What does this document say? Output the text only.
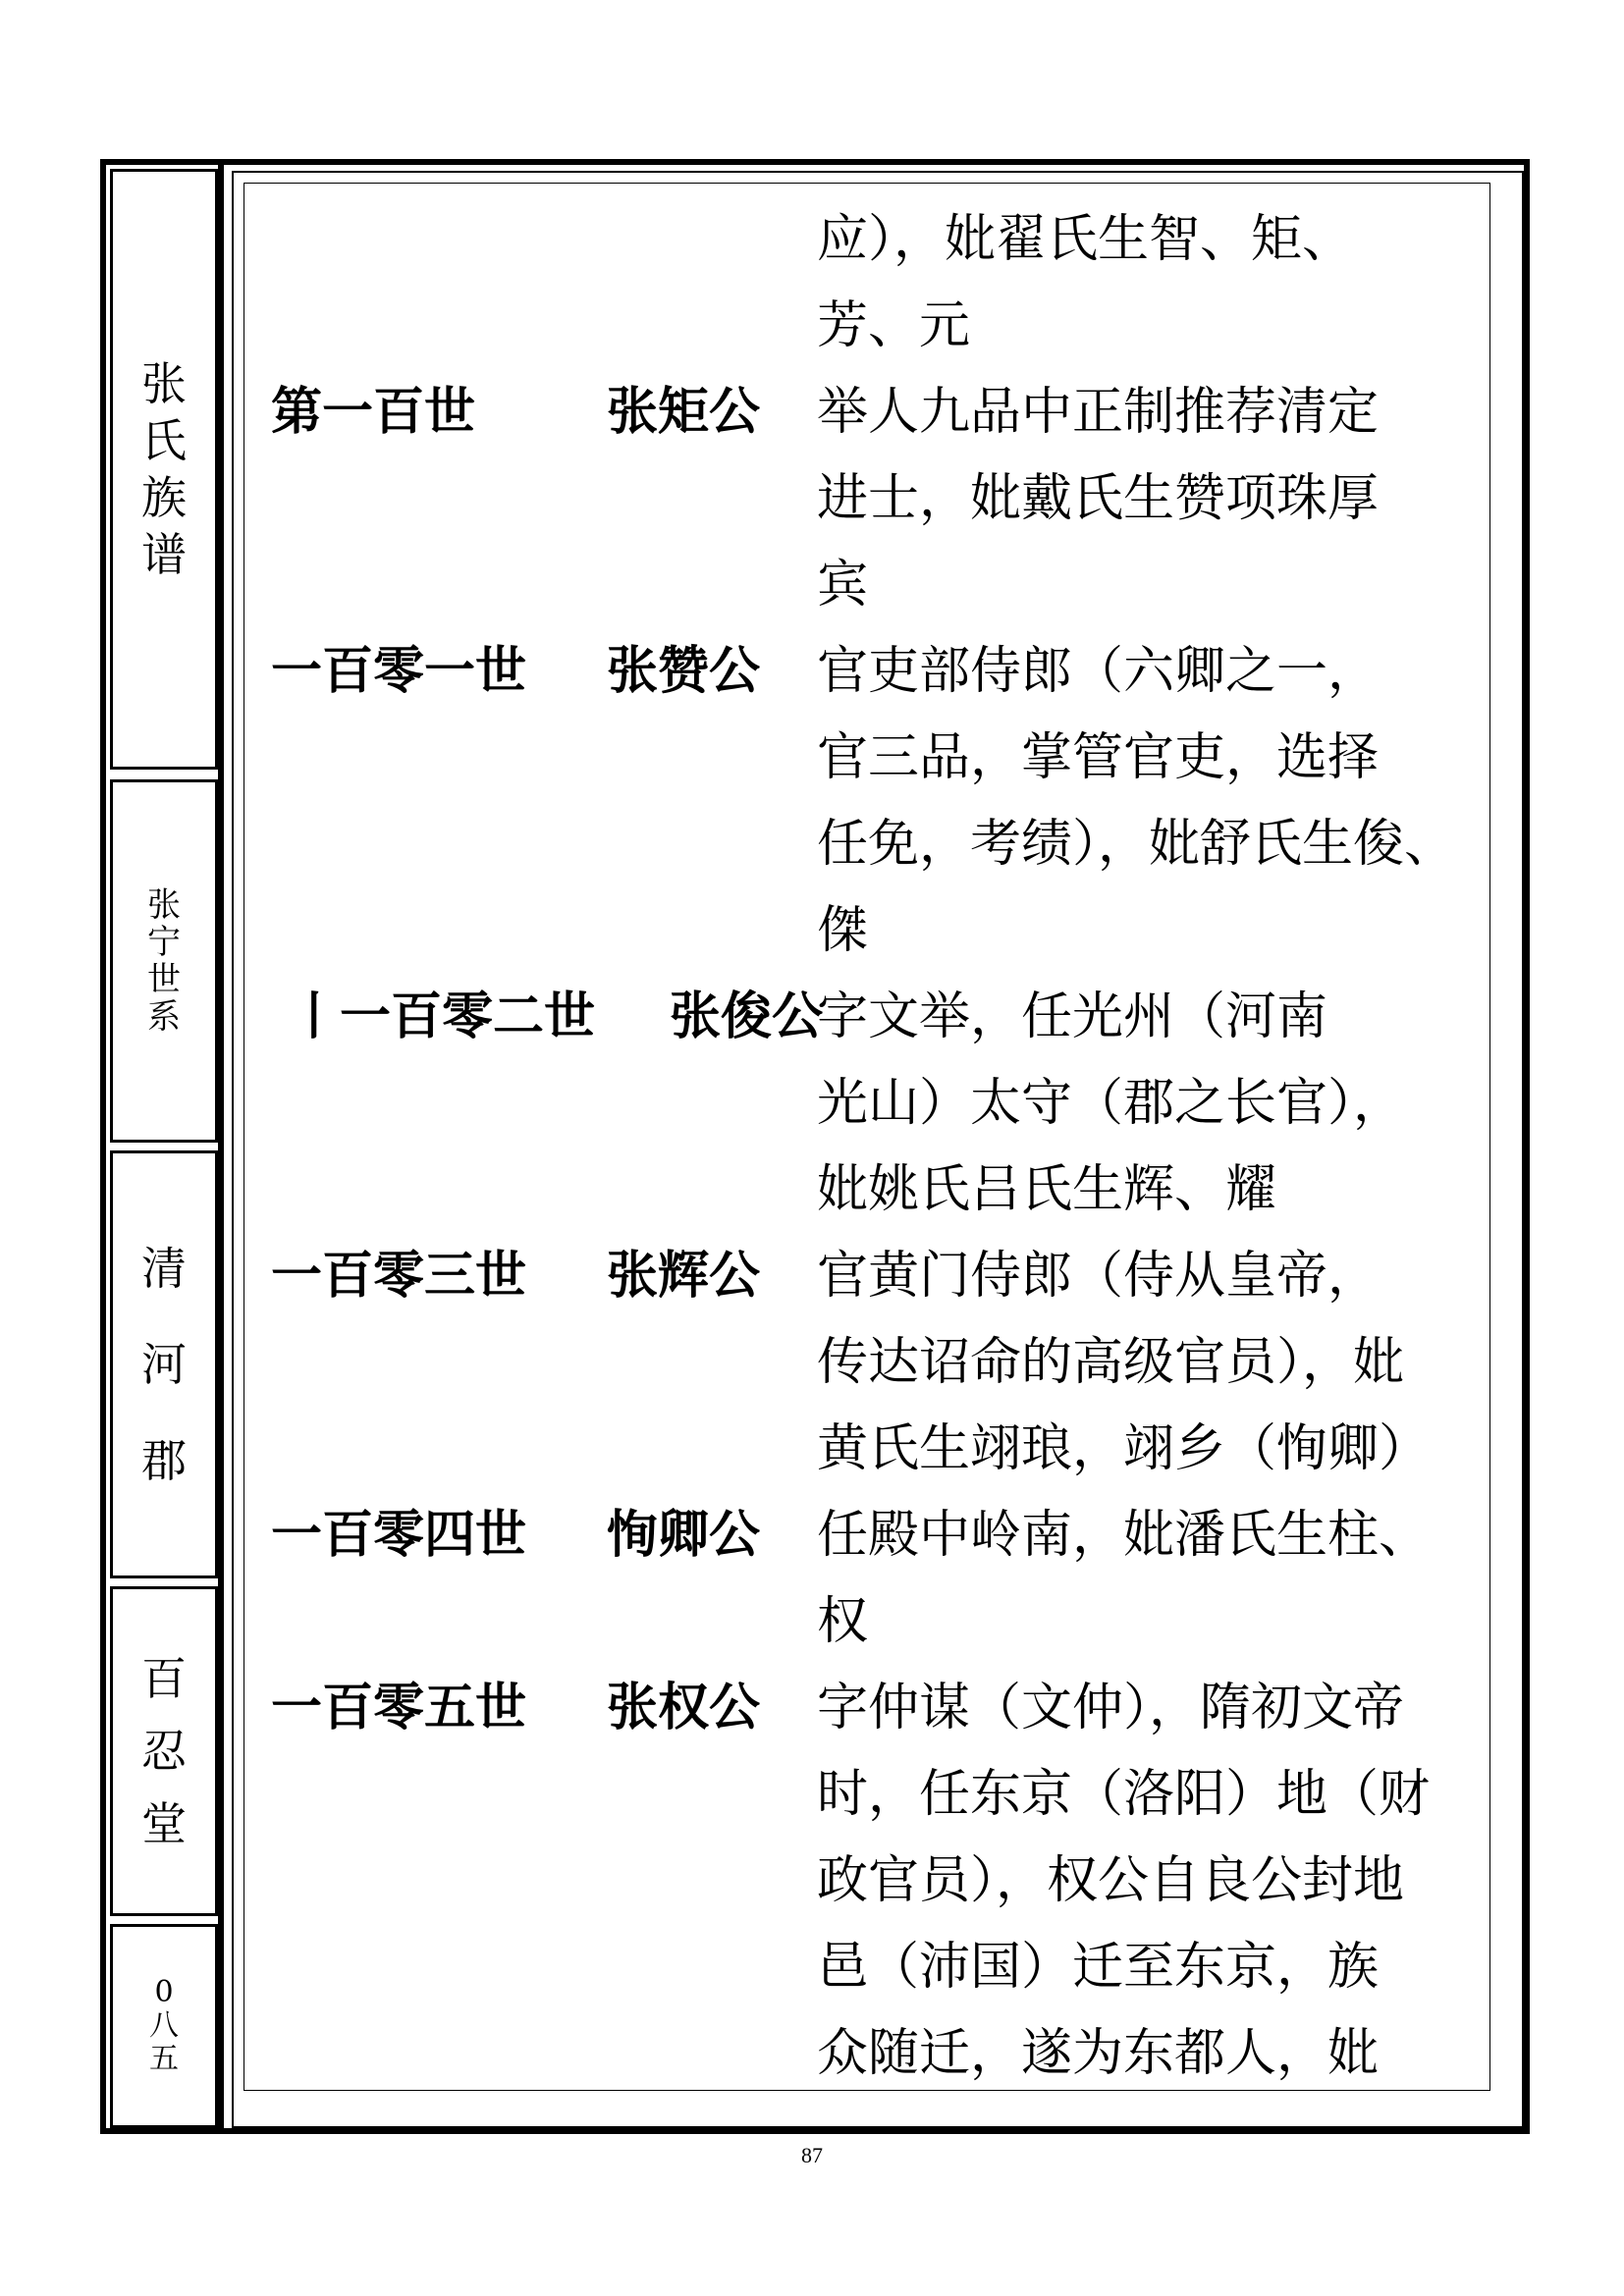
张
氏
族
谱
张
宁
世
系
清
河
郡
百
忍
堂
0
八
五
应），妣翟氏生智、矩、
芳、元
第一百世	张矩公 举人九品中正制推荐清定
进士，妣戴氏生赞项珠厚
宾
一百零一世 张赞公 官吏部侍郎（六卿之一，
官三品，掌管官吏，选择
任免，考绩），妣舒氏生俊、
傑
丨一百零二世 张俊公
字文举，任光州（河南
光山）太守（郡之长官），
妣姚氏吕氏生辉、耀
一百零三世 张辉公 官黄门侍郎（侍从皇帝，
传达诏命的高级官员），妣
黄氏生翊琅，翊乡（恂卿）
一百零四世 恂卿公 任殿中岭南，妣潘氏生柱、
权
一百零五世 张权公 字仲谋（文仲），隋初文帝
时，任东京（洛阳）地（财
政官员），权公自良公封地
邑（沛国）迁至东京，族
众随迁，遂为东都人，妣
87
